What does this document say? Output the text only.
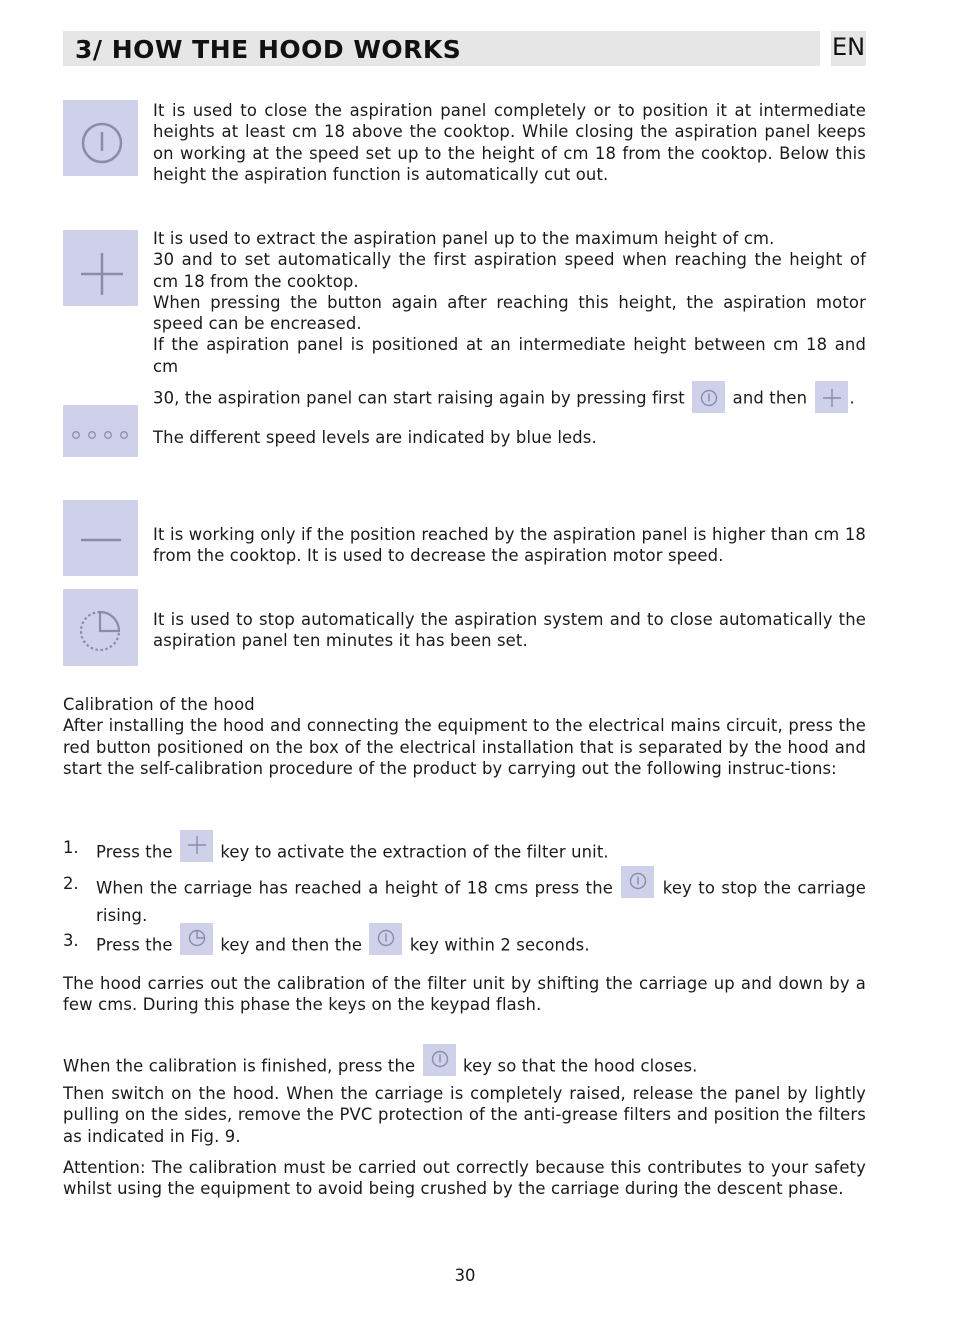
3/ HOW THE HOOD WORKS	EN

It is used to close the aspiration panel completely or to position it at intermediate heights at least cm 18 above the cooktop. While closing the aspiration panel keeps on working at the speed set up to the height of cm 18 from the cooktop. Below this height the aspiration function is automatically cut out.

It is used to extract the aspiration panel up to the maximum height of cm.

30 and to set automatically the first aspiration speed when reaching the height of cm 18 from the cooktop.

When pressing the button again after reaching this height, the aspiration motor speed can be encreased.

If the aspiration panel is positioned at an intermediate height between cm 18 and cm

30, the aspiration panel can start raising again by pressing first	and then	.

The different speed levels are indicated by blue leds.

It is working only if the position reached by the aspiration panel is higher than cm 18 from the cooktop. It is used to decrease the aspiration motor speed.

It is used to stop automatically the aspiration system and to close automatically the aspiration panel ten minutes it has been set.

Calibration of the hood

After installing the hood and connecting the equipment to the electrical mains circuit, press the red button positioned on the box of the electrical installation that is separated by the hood and start the self-calibration procedure of the product by carrying out the following instruc-tions:

1. Press the	key to activate the extraction of the filter unit.
2. When the carriage has reached a height of 18 cms press the	key to stop the carriage rising.
3. Press the	key and then the	key within 2 seconds.

The hood carries out the calibration of the filter unit by shifting the carriage up and down by a few cms. During this phase the keys on the keypad flash.

When the calibration is finished, press the	key so that the hood closes.

Then switch on the hood. When the carriage is completely raised, release the panel by lightly pulling on the sides, remove the PVC protection of the anti-grease filters and position the filters as indicated in Fig. 9.

Attention: The calibration must be carried out correctly because this contributes to your safety whilst using the equipment to avoid being crushed by the carriage during the descent phase.

30
